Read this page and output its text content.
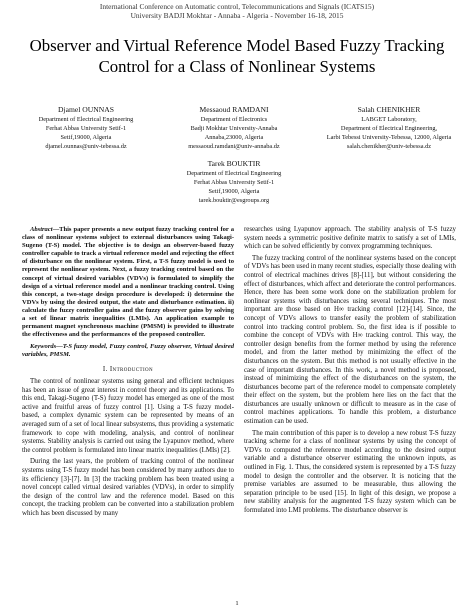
International Conference on Automatic control, Telecommunications and Signals (ICATS15)
University BADJI Mokhtar - Annaba - Algeria - November 16-18, 2015
Observer and Virtual Reference Model Based Fuzzy Tracking Control for a Class of Nonlinear Systems
Djamel OUNNAS
Department of Electrical Engineering
Ferhat Abbas University Setif-1
Setif,19000, Algeria
djamel.ounnas@univ-tebessa.dz
Messaoud RAMDANI
Department of Electronics
Badji Mokhtar University-Annaba
Annaba,23000, Algeria
messaoud.ramdani@univ-annaba.dz
Salah CHENIKHER
LABGET Laboratory,
Department of Electrical Engineering,
Larbi Tebessi University-Tebessa, 12000, Algeria
salah.chenikher@univ-tebessa.dz
Tarek BOUKTIR
Department of Electrical Engineering
Ferhat Abbas University Setif-1
Setif,19000, Algeria
tarek.bouktir@esgroups.org

Abstract—This paper presents a new output fuzzy tracking control for a class of nonlinear systems subject to external disturbances using Takagi-Sugeno (T-S) model. The objective is to design an observer-based fuzzy controller capable to track a virtual reference model and rejecting the effect of disturbance on the nonlinear system. First, a T-S fuzzy model is used to represent the nonlinear system. Next, a fuzzy tracking control based on the concept of virtual desired variables (VDVs) is formulated to simplify the design of a virtual reference model and a nonlinear tracking control. Using this concept, a two-stage design procedure is developed: i) determine the VDVs by using the desired output, the state and disturbance estimation. ii) calculate the fuzzy controller gains and the fuzzy observer gains by solving a set of linear matrix inequalities (LMIs). An application example to permanent magnet synchronous machine (PMSM) is provided to illustrate the effectiveness and the performances of the proposed controller.

Keywords—T-S fuzzy model, Fuzzy control, Fuzzy observer, Virtual desired variables, PMSM.

I. Introduction

The control of nonlinear systems using general and efficient techniques has been an issue of great interest in control theory and its applications. To this end, Takagi-Sugeno (T-S) fuzzy model has emerged as one of the most active and fruitful areas of fuzzy control [1]. Using a T-S fuzzy model-based, a complex dynamic system can be represented by means of an averaged sum of a set of local linear subsystems, thus providing a systematic framework to cope with modeling, analysis, and control of nonlinear systems. Stability analysis is carried out using the Lyapunov method, where the control problem is formulated into linear matrix inequalities (LMIs) [2].

During the last years, the problem of tracking control of the nonlinear systems using T-S fuzzy model has been considered by many authors due to its efficiency [3]-[7]. In [3] the tracking problem has been treated using a novel concept called virtual desired variables (VDVs), in order to simplify the design of the control law and the reference model. Based on this concept, the tracking problem can be converted into a stabilization problem which has been discussed by many

researches using Lyapunov approach. The stability analysis of T-S fuzzy system needs a symmetric positive definite matrix to satisfy a set of LMIs, which can be solved efficiently by convex programming techniques.

The fuzzy tracking control of the nonlinear systems based on the concept of VDVs has been used in many recent studies, especially those dealing with control of electrical machines drives [8]-[11], but without considering the effect of disturbances, which affect and deteriorate the control performances. Hence, there has been some work done on the stabilization problem for nonlinear systems with disturbances using several techniques. The most important are those based on H∞ tracking control [12]-[14]. Since, the concept of VDVs allows to transfer easily the problem of stabilization control into tracking control problem. So, the first idea is if possible to combine the concept of VDVs with H∞ tracking control. This way, the controller design benefits from the former method by using the reference model, and from the latter method by minimizing the effect of the disturbances on the system. But this method is not usually effective in the case of important disturbances. In this work, a novel method is proposed, instead of minimizing the effect of the disturbances on the system, the disturbances become part of the reference model to compensate completely their effect on the system, but the problem here lies on the fact that the disturbances are usually unknown or difficult to measure as in the case of control machines applications. To handle this problem, a disturbance estimation can be used.

The main contribution of this paper is to develop a new robust T-S fuzzy tracking scheme for a class of nonlinear systems by using the concept of VDVs to computed the reference model according to the desired output variable and a disturbance observer estimating the unknown inputs, as outlined in Fig. 1. Thus, the considered system is represented by a T-S fuzzy model to design the controller and the observer. It is noticing that the premise variables are assumed to be measurable, thus allowing the separation principle to be used [15]. In light of this design, we propose a new stability analysis for the augmented T-S fuzzy system which can be formulated into LMI problems. The disturbance observer is

1
